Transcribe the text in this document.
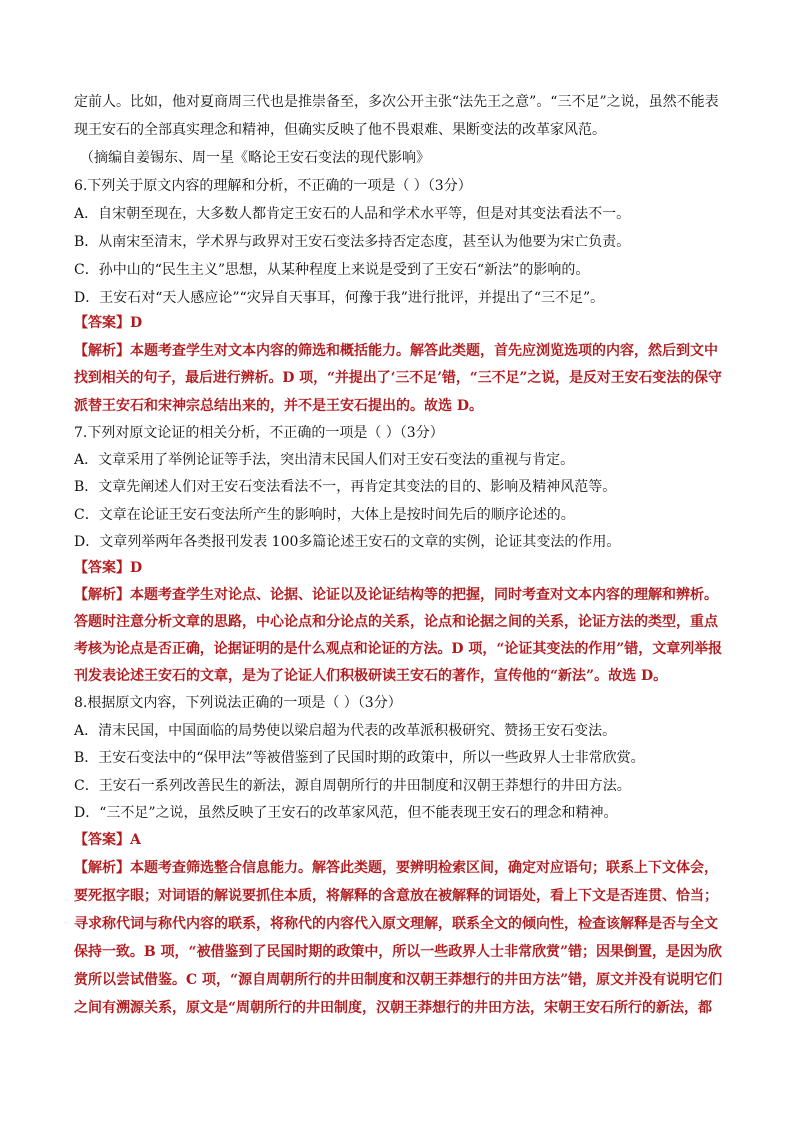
定前人。比如，他对夏商周三代也是推崇备至，多次公开主张“法先王之意”。“三不足”之说，虽然不能表
现王安石的全部真实理念和精神，但确实反映了他不畏艰难、果断变法的改革家风范。
（摘编自姜锡东、周一星《略论王安石变法的现代影响》
6.下列关于原文内容的理解和分析，不正确的一项是（ ）（3分）
A．自宋朝至现在，大多数人都肯定王安石的人品和学术水平等，但是对其变法看法不一。
B．从南宋至清末，学术界与政界对王安石变法多持否定态度，甚至认为他要为宋亡负责。
C．孙中山的“民生主义”思想，从某种程度上来说是受到了王安石“新法”的影响的。
D．王安石对“天人感应论”“灾异自天事耳，何豫于我”进行批评，并提出了“三不足”。
【答案】D
【解析】本题考查学生对文本内容的筛选和概括能力。解答此类题，首先应浏览选项的内容，然后到文中
找到相关的句子，最后进行辨析。D 项，“并提出了‘三不足’错，“三不足”之说，是反对王安石变法的保守
派替王安石和宋神宗总结出来的，并不是王安石提出的。故选 D。
7.下列对原文论证的相关分析，不正确的一项是（ ）（3分）
A．文章采用了举例论证等手法，突出清末民国人们对王安石变法的重视与肯定。
B．文章先阐述人们对王安石变法看法不一，再肯定其变法的目的、影响及精神风范等。
C．文章在论证王安石变法所产生的影响时，大体上是按时间先后的顺序论述的。
D．文章列举两年各类报刊发表 100多篇论述王安石的文章的实例，论证其变法的作用。
【答案】D
【解析】本题考查学生对论点、论据、论证以及论证结构等的把握，同时考查对文本内容的理解和辨析。
答题时注意分析文章的思路，中心论点和分论点的关系，论点和论据之间的关系，论证方法的类型，重点
考核为论点是否正确，论据证明的是什么观点和论证的方法。D 项，“论证其变法的作用”错，文章列举报
刊发表论述王安石的文章，是为了论证人们积极研读王安石的著作，宣传他的“新法”。故选 D。
8.根据原文内容，下列说法正确的一项是（ ）（3分）
A．清末民国，中国面临的局势使以梁启超为代表的改革派积极研究、赞扬王安石变法。
B．王安石变法中的“保甲法”等被借鉴到了民国时期的政策中，所以一些政界人士非常欣赏。
C．王安石一系列改善民生的新法，源自周朝所行的井田制度和汉朝王莽想行的井田方法。
D．“三不足”之说，虽然反映了王安石的改革家风范，但不能表现王安石的理念和精神。
【答案】A
【解析】本题考查筛选整合信息能力。解答此类题，要辨明检索区间，确定对应语句；联系上下文体会，
要死抠字眼；对词语的解说要抓住本质，将解释的含意放在被解释的词语处，看上下文是否连贯、恰当；
寻求称代词与称代内容的联系，将称代的内容代入原文理解，联系全文的倾向性，检查该解释是否与全文
保持一致。B 项，“被借鉴到了民国时期的政策中，所以一些政界人士非常欣赏”错；因果倒置，是因为欣
赏所以尝试借鉴。C 项，“源自周朝所行的井田制度和汉朝王莽想行的井田方法”错，原文并没有说明它们
之间有溯源关系，原文是“周朝所行的井田制度，汉朝王莽想行的井田方法，宋朝王安石所行的新法，都
